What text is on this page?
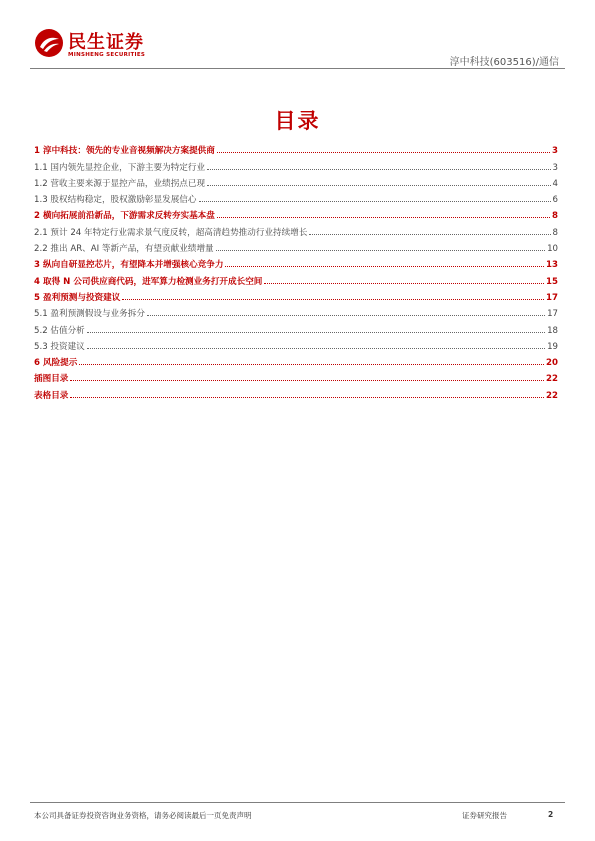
民生证券
MINSHENG SECURITIES
淳中科技(603516)/通信
目录
1 淳中科技：领先的专业音视频解决方案提供商	3
1.1 国内领先显控企业，下游主要为特定行业	3
1.2 营收主要来源于显控产品，业绩拐点已现	4
1.3 股权结构稳定，股权激励彰显发展信心	6
2 横向拓展前沿新品，下游需求反转夯实基本盘	8
2.1 预计 24 年特定行业需求景气度反转，超高清趋势推动行业持续增长	8
2.2 推出 AR、AI 等新产品，有望贡献业绩增量	10
3 纵向自研显控芯片，有望降本并增强核心竞争力	13
4 取得 N 公司供应商代码，进军算力检测业务打开成长空间	15
5 盈利预测与投资建议	17
5.1 盈利预测假设与业务拆分	17
5.2 估值分析	18
5.3 投资建议	19
6 风险提示	20
插图目录	22
表格目录	22
本公司具备证券投资咨询业务资格，请务必阅读最后一页免责声明	证券研究报告	2
